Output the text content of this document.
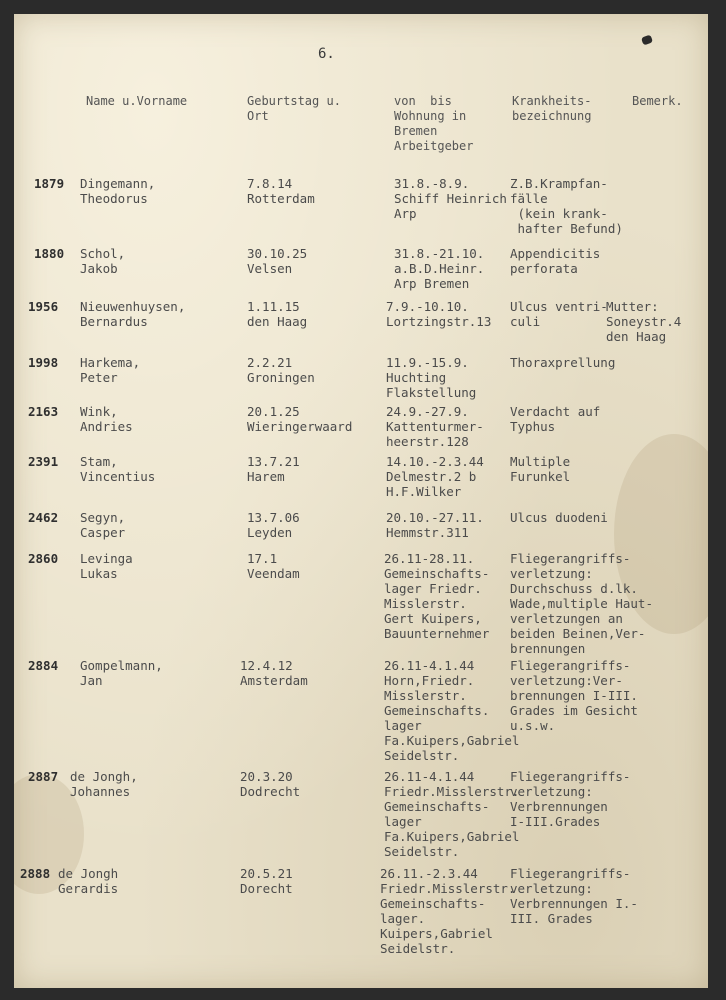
6.
Name u.Vorname	Geburtstag u.
Ort
von  bis
Wohnung in
Bremen
Arbeitgeber
Krankheits-
bezeichnung
Bemerk.
1879 Dingemann,
Theodorus
7.8.14
Rotterdam
31.8.-8.9.
Schiff Heinrich
Arp
Z.B.Krampfan-
fälle
(kein krank-
hafter Befund)
1880 Schol,
Jakob
30.10.25
Velsen
31.8.-21.10.
a.B.D.Heinr.
Arp Bremen
Appendicitis
perforata
1956 Nieuwenhuysen,
Bernardus
1.11.15
den Haag
7.9.-10.10.
Lortzingstr.13
Ulcus ventri-
culi
Mutter:
Soneystr.4
den Haag
1998 Harkema,
Peter
2.2.21
Groningen
11.9.-15.9.
Huchting
Flakstellung
Thoraxprellung
2163 Wink,
Andries
20.1.25
Wieringerwaard
24.9.-27.9.
Kattenturmer-
heerstr.128
Verdacht auf
Typhus
2391 Stam,
Vincentius
13.7.21
Harem
14.10.-2.3.44
Delmestr.2 b
H.F.Wilker
Multiple
Furunkel
2462 Segyn,
Casper
13.7.06
Leyden
20.10.-27.11.
Hemmstr.311
Ulcus duodeni
2860 Levinga
Lukas
17.1
Veendam
26.11-28.11.
Gemeinschafts-
lager Friedr.
Misslerstr.
Gert Kuipers,
Bauunternehmer
Fliegerangriffs-
verletzung:
Durchschuss d.lk.
Wade,multiple Haut-
verletzungen an
beiden Beinen,Ver-
brennungen
2884 Gompelmann,
Jan
12.4.12
Amsterdam
26.11-4.1.44
Horn,Friedr.
Misslerstr.
Gemeinschafts.
lager
Fa.Kuipers,Gabriel
Seidelstr.
Fliegerangriffs-
verletzung:Ver-
brennungen I-III.
Grades im Gesicht
u.s.w.
2887 de Jongh,
Johannes
20.3.20
Dodrecht
26.11-4.1.44
Friedr.Misslerstr.
Gemeinschafts-
lager
Fa.Kuipers,Gabriel
Seidelstr.
Fliegerangriffs-
verletzung:
Verbrennungen
I-III.Grades
2888 de Jongh
Gerardis
20.5.21
Dorecht
26.11.-2.3.44
Friedr.Misslerstr.
Gemeinschafts-
lager.
Kuipers,Gabriel
Seidelstr.
Fliegerangriffs-
verletzung:
Verbrennungen I.-
III. Grades
